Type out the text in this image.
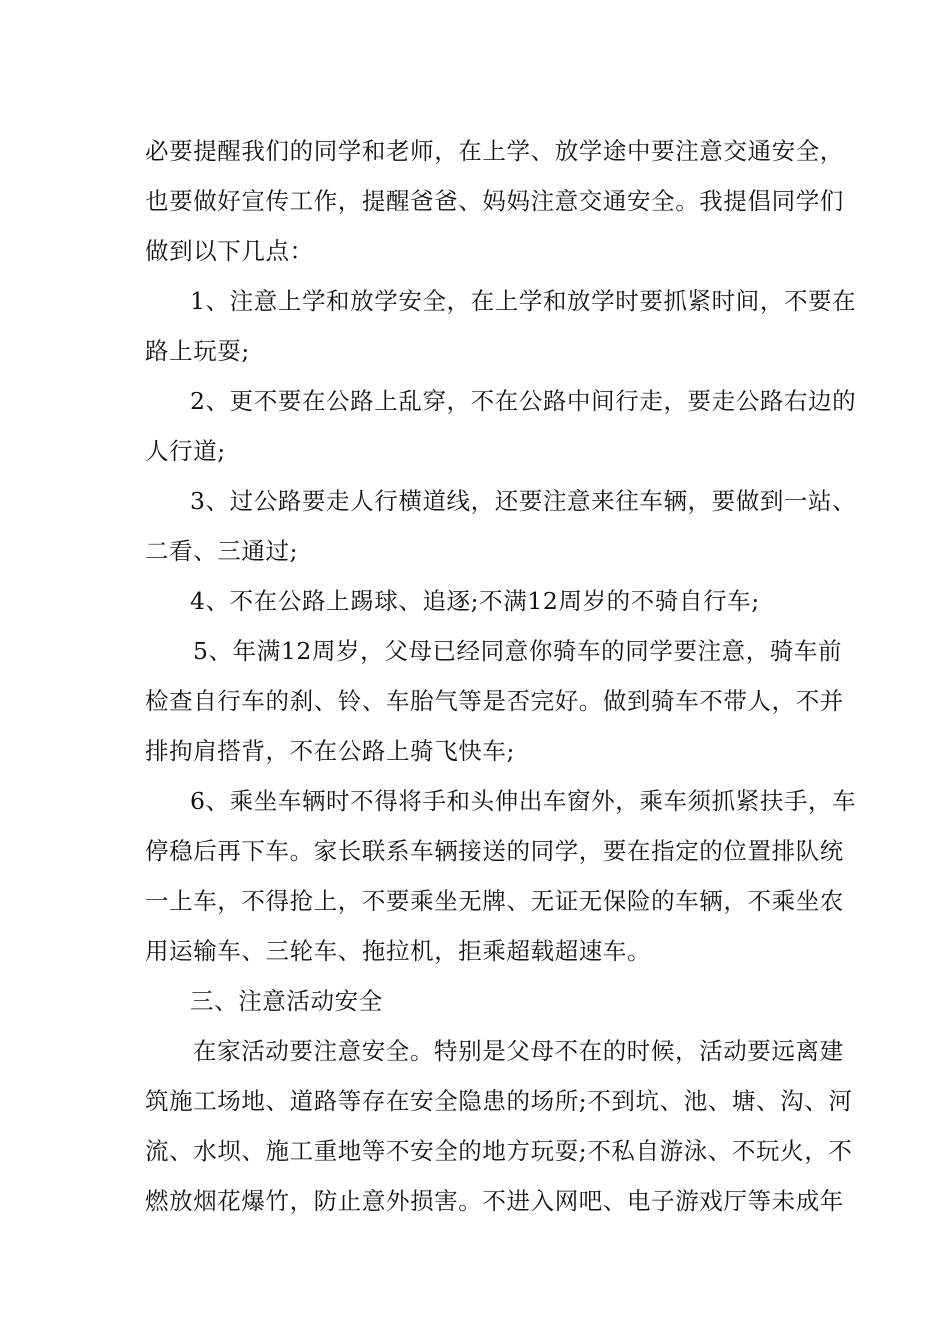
必要提醒我们的同学和老师，在上学、放学途中要注意交通安全，
也要做好宣传工作，提醒爸爸、妈妈注意交通安全。我提倡同学们
做到以下几点：
1、注意上学和放学安全，在上学和放学时要抓紧时间，不要在
路上玩耍;
2、更不要在公路上乱穿，不在公路中间行走，要走公路右边的
人行道;
3、过公路要走人行横道线，还要注意来往车辆，要做到一站、
二看、三通过;
4、不在公路上踢球、追逐;不满12周岁的不骑自行车;
5、年满12周岁，父母已经同意你骑车的同学要注意，骑车前
检查自行车的刹、铃、车胎气等是否完好。做到骑车不带人，不并
排拘肩搭背，不在公路上骑飞快车;
6、乘坐车辆时不得将手和头伸出车窗外，乘车须抓紧扶手，车
停稳后再下车。家长联系车辆接送的同学，要在指定的位置排队统
一上车，不得抢上，不要乘坐无牌、无证无保险的车辆，不乘坐农
用运输车、三轮车、拖拉机，拒乘超载超速车。
三、注意活动安全
在家活动要注意安全。特别是父母不在的时候，活动要远离建
筑施工场地、道路等存在安全隐患的场所;不到坑、池、塘、沟、河
流、水坝、施工重地等不安全的地方玩耍;不私自游泳、不玩火，不
燃放烟花爆竹，防止意外损害。不进入网吧、电子游戏厅等未成年
